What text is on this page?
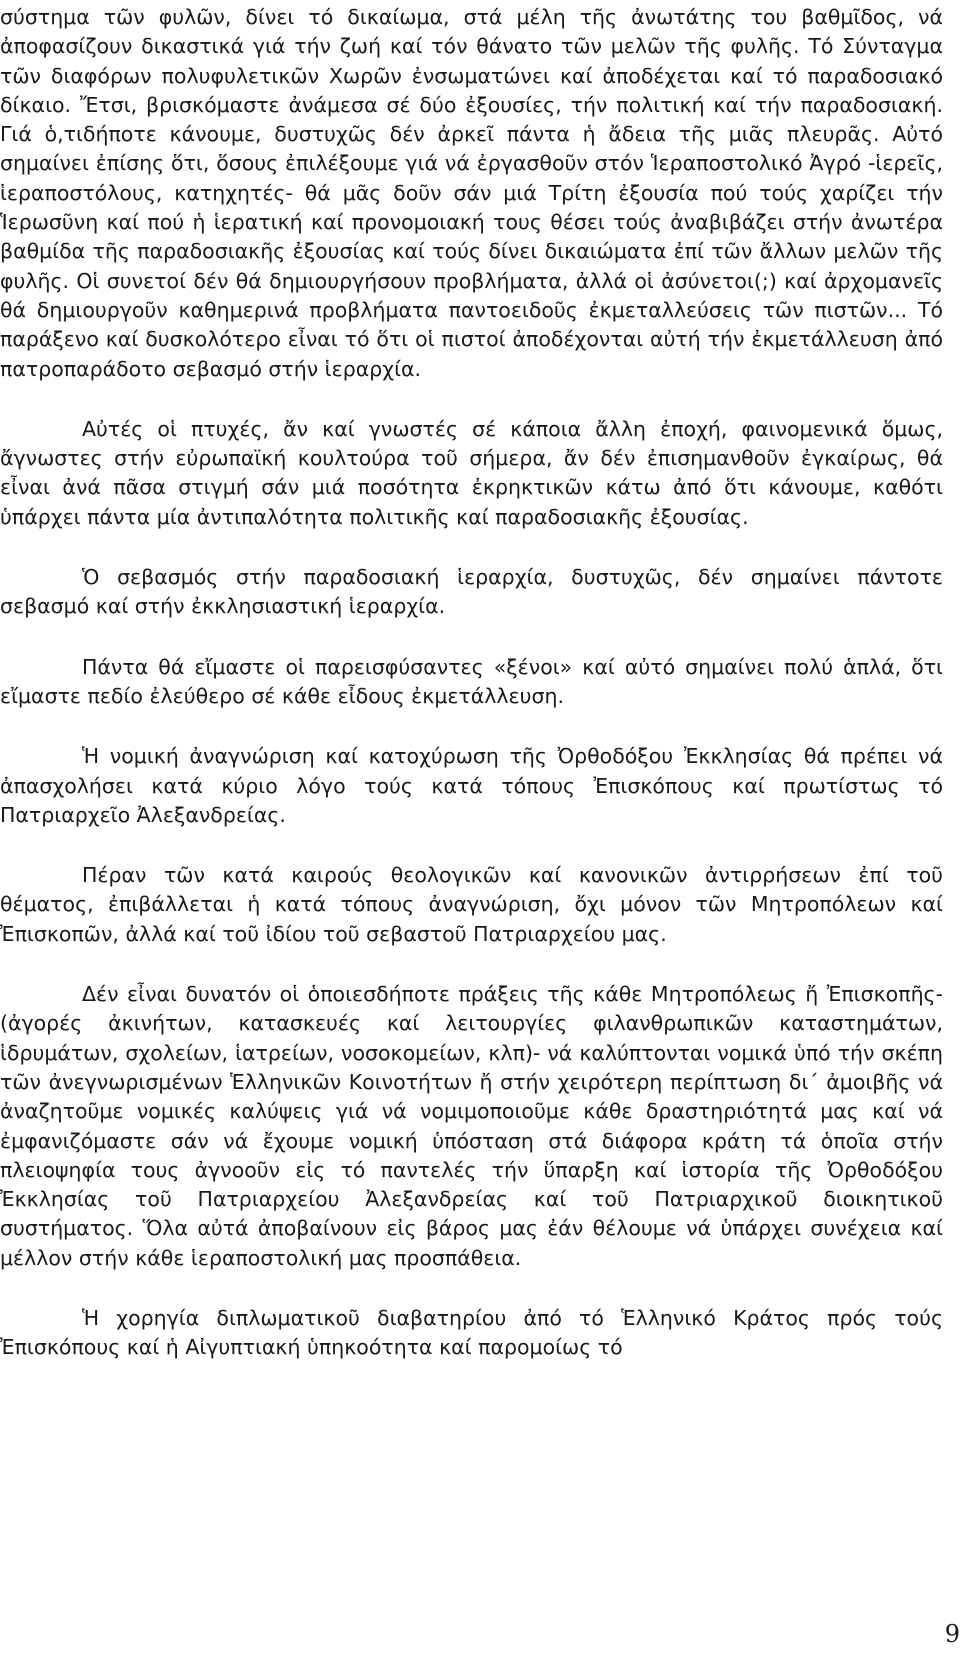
σύστημα τῶν φυλῶν, δίνει τό δικαίωμα, στά μέλη τῆς ἀνωτάτης του βαθμῖδος, νά ἀποφασίζουν δικαστικά γιά τήν ζωή καί τόν θάνατο τῶν μελῶν τῆς φυλῆς. Τό Σύνταγμα τῶν διαφόρων πολυφυλετικῶν Χωρῶν ἐνσωματώνει καί ἀποδέχεται καί τό παραδοσιακό δίκαιο. Ἔτσι, βρισκόμαστε ἀνάμεσα σέ δύο ἐξουσίες, τήν πολιτική καί τήν παραδοσιακή. Γιά ὁ,τιδήποτε κάνουμε, δυστυχῶς δέν ἀρκεῖ πάντα ἡ ἄδεια τῆς μιᾶς πλευρᾶς. Αὐτό σημαίνει ἐπίσης ὅτι, ὅσους ἐπιλέξουμε γιά νά ἐργασθοῦν στόν Ἱεραποστολικό Ἀγρό -ἱερεῖς, ἱεραποστόλους, κατηχητές- θά μᾶς δοῦν σάν μιά Τρίτη ἐξουσία πού τούς χαρίζει τήν Ἱερωσῦνη καί πού ἡ ἱερατική καί προνομοιακή τους θέσει τούς ἀναβιβάζει στήν ἀνωτέρα βαθμίδα τῆς παραδοσιακῆς ἐξουσίας καί τούς δίνει δικαιώματα ἐπί τῶν ἄλλων μελῶν τῆς φυλῆς. Οἱ συνετοί δέν θά δημιουργήσουν προβλήματα, ἀλλά οἱ ἀσύνετοι(;) καί ἀρχομανεῖς θά δημιουργοῦν καθημερινά προβλήματα παντοειδοῦς ἐκμεταλλεύσεις τῶν πιστῶν... Τό παράξενο καί δυσκολότερο εἶναι τό ὅτι οἱ πιστοί ἀποδέχονται αὐτή τήν ἐκμετάλλευση ἀπό πατροπαράδοτο σεβασμό στήν ἱεραρχία.

Αὐτές οἱ πτυχές, ἄν καί γνωστές σέ κάποια ἄλλη ἐποχή, φαινομενικά ὅμως, ἄγνωστες στήν εὐρωπαϊκή κουλτούρα τοῦ σήμερα, ἄν δέν ἐπισημανθοῦν ἐγκαίρως, θά εἶναι ἀνά πᾶσα στιγμή σάν μιά ποσότητα ἐκρηκτικῶν κάτω ἀπό ὅτι κάνουμε, καθότι ὑπάρχει πάντα μία ἀντιπαλότητα πολιτικῆς καί παραδοσιακῆς ἐξουσίας.

Ὁ σεβασμός στήν παραδοσιακή ἱεραρχία, δυστυχῶς, δέν σημαίνει πάντοτε σεβασμό καί στήν ἐκκλησιαστική ἱεραρχία.

Πάντα θά εἴμαστε οἱ παρεισφύσαντες «ξένοι» καί αὐτό σημαίνει πολύ ἁπλά, ὅτι εἴμαστε πεδίο ἐλεύθερο σέ κάθε εἶδους ἐκμετάλλευση.

Ἡ νομική ἀναγνώριση καί κατοχύρωση τῆς Ὀρθοδόξου Ἐκκλησίας θά πρέπει νά ἀπασχολήσει κατά κύριο λόγο τούς κατά τόπους Ἐπισκόπους καί πρωτίστως τό Πατριαρχεῖο Ἀλεξανδρείας.

Πέραν τῶν κατά καιρούς θεολογικῶν καί κανονικῶν ἀντιρρήσεων ἐπί τοῦ θέματος, ἐπιβάλλεται ἡ κατά τόπους ἀναγνώριση, ὄχι μόνον τῶν Μητροπόλεων καί Ἐπισκοπῶν, ἀλλά καί τοῦ ἰδίου τοῦ σεβαστοῦ Πατριαρχείου μας.

Δέν εἶναι δυνατόν οἱ ὁποιεσδήποτε πράξεις τῆς κάθε Μητροπόλεως ἤ Ἐπισκοπῆς-(ἀγορές ἀκινήτων, κατασκευές καί λειτουργίες φιλανθρωπικῶν καταστημάτων, ἱδρυμάτων, σχολείων, ἱατρείων, νοσοκομείων, κλπ)- νά καλύπτονται νομικά ὑπό τήν σκέπη τῶν ἀνεγνωρισμένων Ἑλληνικῶν Κοινοτήτων ἤ στήν χειρότερη περίπτωση δι΄ ἀμοιβῆς νά ἀναζητοῦμε νομικές καλύψεις γιά νά νομιμοποιοῦμε κάθε δραστηριότητά μας καί νά ἐμφανιζόμαστε σάν νά ἔχουμε νομική ὑπόσταση στά διάφορα κράτη τά ὁποῖα στήν πλειοψηφία τους ἀγνοοῦν εἰς τό παντελές τήν ὕπαρξη καί ἱστορία τῆς Ὀρθοδόξου Ἐκκλησίας τοῦ Πατριαρχείου Ἀλεξανδρείας καί τοῦ Πατριαρχικοῦ διοικητικοῦ συστήματος. Ὅλα αὐτά ἀποβαίνουν εἰς βάρος μας ἐάν θέλουμε νά ὑπάρχει συνέχεια καί μέλλον στήν κάθε ἱεραποστολική μας προσπάθεια.

Ἡ χορηγία διπλωματικοῦ διαβατηρίου ἀπό τό Ἑλληνικό Κράτος πρός τούς Ἐπισκόπους καί ἡ Αἰγυπτιακή ὑπηκοότητα καί παρομοίως τό

9
